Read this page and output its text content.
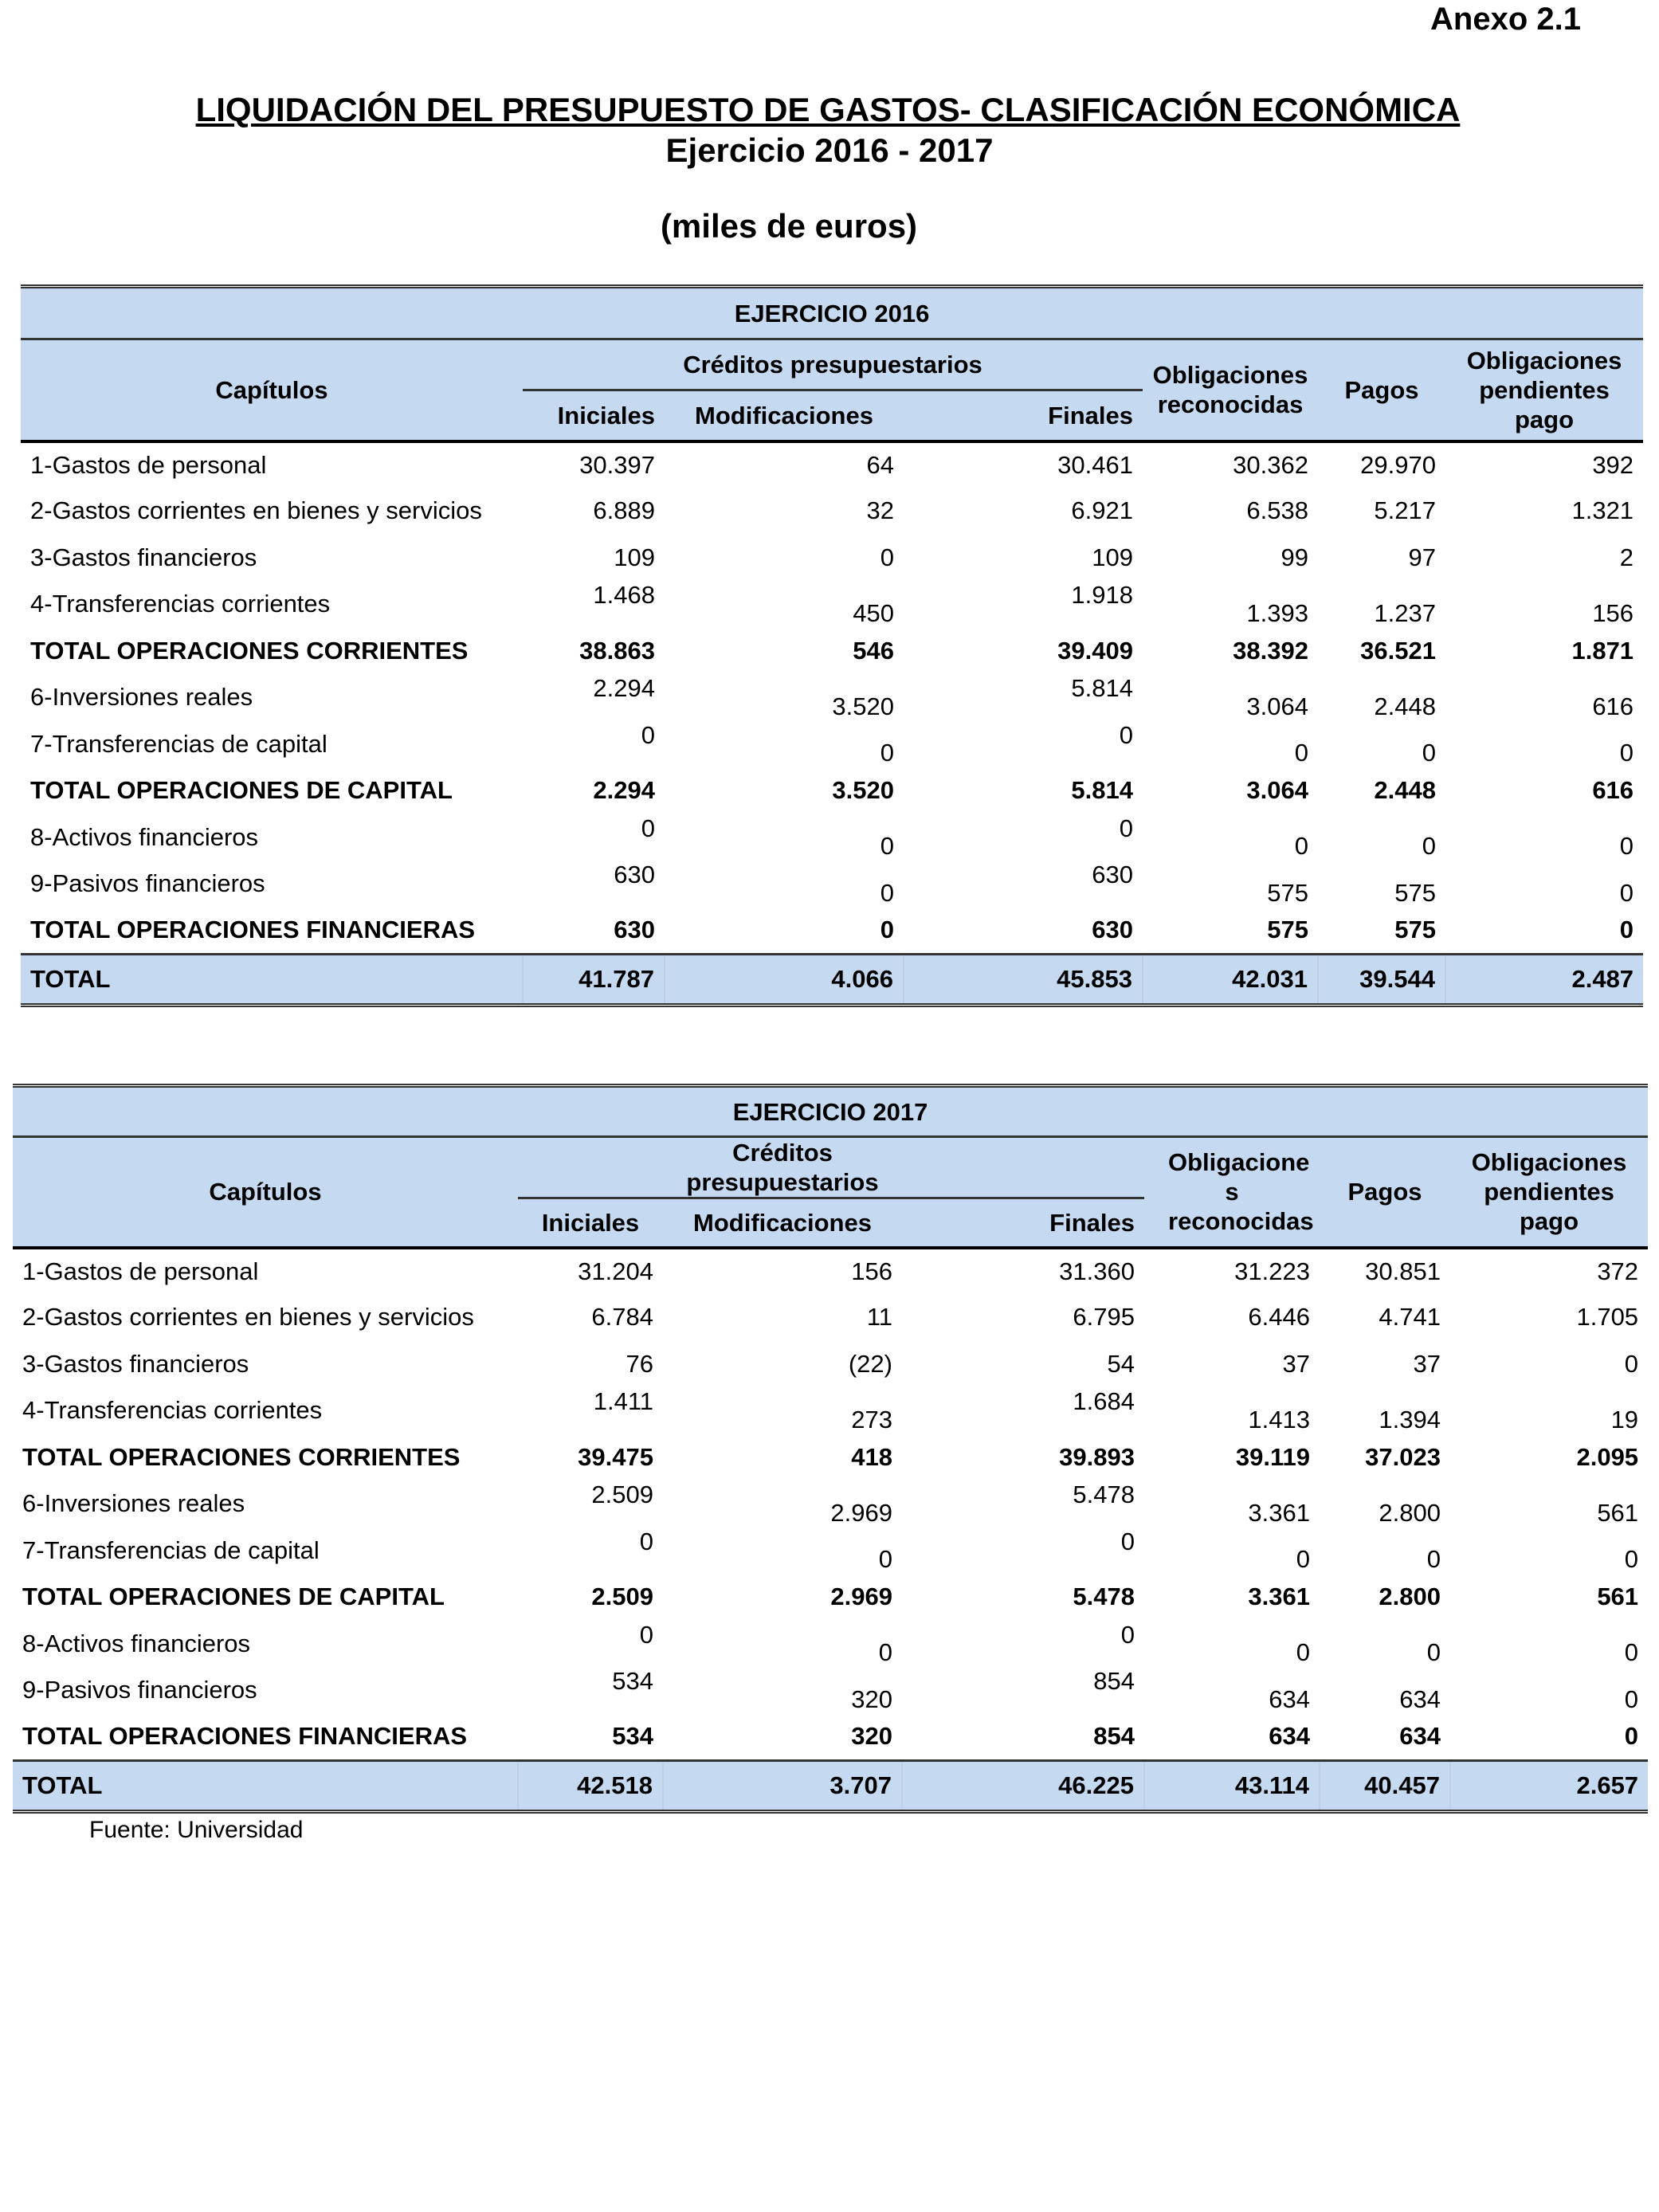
Anexo 2.1
LIQUIDACIÓN DEL PRESUPUESTO DE GASTOS- CLASIFICACIÓN ECONÓMICA
Ejercicio 2016 - 2017
(miles de euros)
EJERCICIO 2016						
Capítulos	Créditos presupuestarios			Obligaciones reconocidas	Pagos	Obligaciones pendientes pago
	Iniciales	Modificaciones	Finales			
1-Gastos de personal	30.397	64	30.461	30.362	29.970	392
2-Gastos corrientes en bienes y servicios	6.889	32	6.921	6.538	5.217	1.321
3-Gastos financieros	109	0	109	99	97	2
4-Transferencias corrientes	1.468	450	1.918	1.393	1.237	156
TOTAL OPERACIONES CORRIENTES	38.863	546	39.409	38.392	36.521	1.871
6-Inversiones reales	2.294	3.520	5.814	3.064	2.448	616
7-Transferencias de capital	0	0	0	0	0	0
TOTAL OPERACIONES DE CAPITAL	2.294	3.520	5.814	3.064	2.448	616
8-Activos financieros	0	0	0	0	0	0
9-Pasivos financieros	630	0	630	575	575	0
TOTAL OPERACIONES FINANCIERAS	630	0	630	575	575	0
TOTAL	41.787	4.066	45.853	42.031	39.544	2.487
EJERCICIO 2017						
Capítulos		Créditos presupuestarios		Obligacione s reconocidas	Pagos	Obligaciones pendientes pago
	Iniciales	Modificaciones	Finales			
1-Gastos de personal	31.204	156	31.360	31.223	30.851	372
2-Gastos corrientes en bienes y servicios	6.784	11	6.795	6.446	4.741	1.705
3-Gastos financieros	76	(22)	54	37	37	0
4-Transferencias corrientes	1.411	273	1.684	1.413	1.394	19
TOTAL OPERACIONES CORRIENTES	39.475	418	39.893	39.119	37.023	2.095
6-Inversiones reales	2.509	2.969	5.478	3.361	2.800	561
7-Transferencias de capital	0	0	0	0	0	0
TOTAL OPERACIONES DE CAPITAL	2.509	2.969	5.478	3.361	2.800	561
8-Activos financieros	0	0	0	0	0	0
9-Pasivos financieros	534	320	854	634	634	0
TOTAL OPERACIONES FINANCIERAS	534	320	854	634	634	0
TOTAL	42.518	3.707	46.225	43.114	40.457	2.657
Fuente: Universidad
